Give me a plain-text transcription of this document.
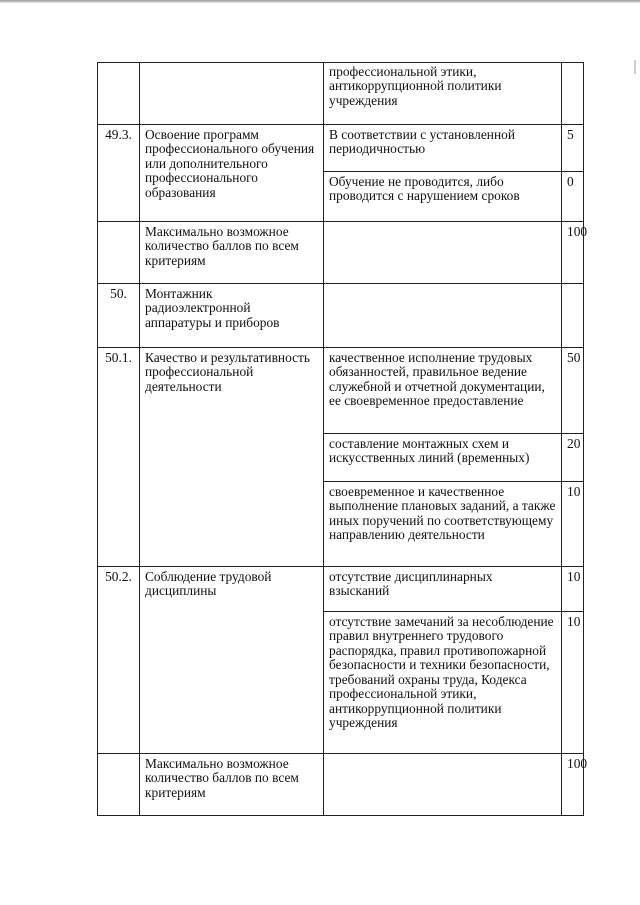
		профессиональной этики, антикоррупционной политики учреждения	
49.3.	Освоение программ профессионального обучения или дополнительного профессионального образования	В соответствии с установленной периодичностью	5
		Обучение не проводится, либо проводится с нарушением сроков	0
	Максимально возможное количество баллов по всем критериям		100
50.	Монтажник радиоэлектронной аппаратуры и приборов		
50.1.	Качество и результативность профессиональной деятельности	качественное исполнение трудовых обязанностей, правильное ведение служебной и отчетной документации, ее своевременное предоставление	50
		составление монтажных схем и искусственных линий (временных)	20
		своевременное и качественное выполнение плановых заданий, а также иных поручений по соответствующему направлению деятельности	10
50.2.	Соблюдение трудовой дисциплины	отсутствие дисциплинарных взысканий	10
		отсутствие замечаний за несоблюдение правил внутреннего трудового распорядка, правил противопожарной безопасности и техники безопасности, требований охраны труда, Кодекса профессиональной этики, антикоррупционной политики учреждения	10
	Максимально возможное количество баллов по всем критериям		100
